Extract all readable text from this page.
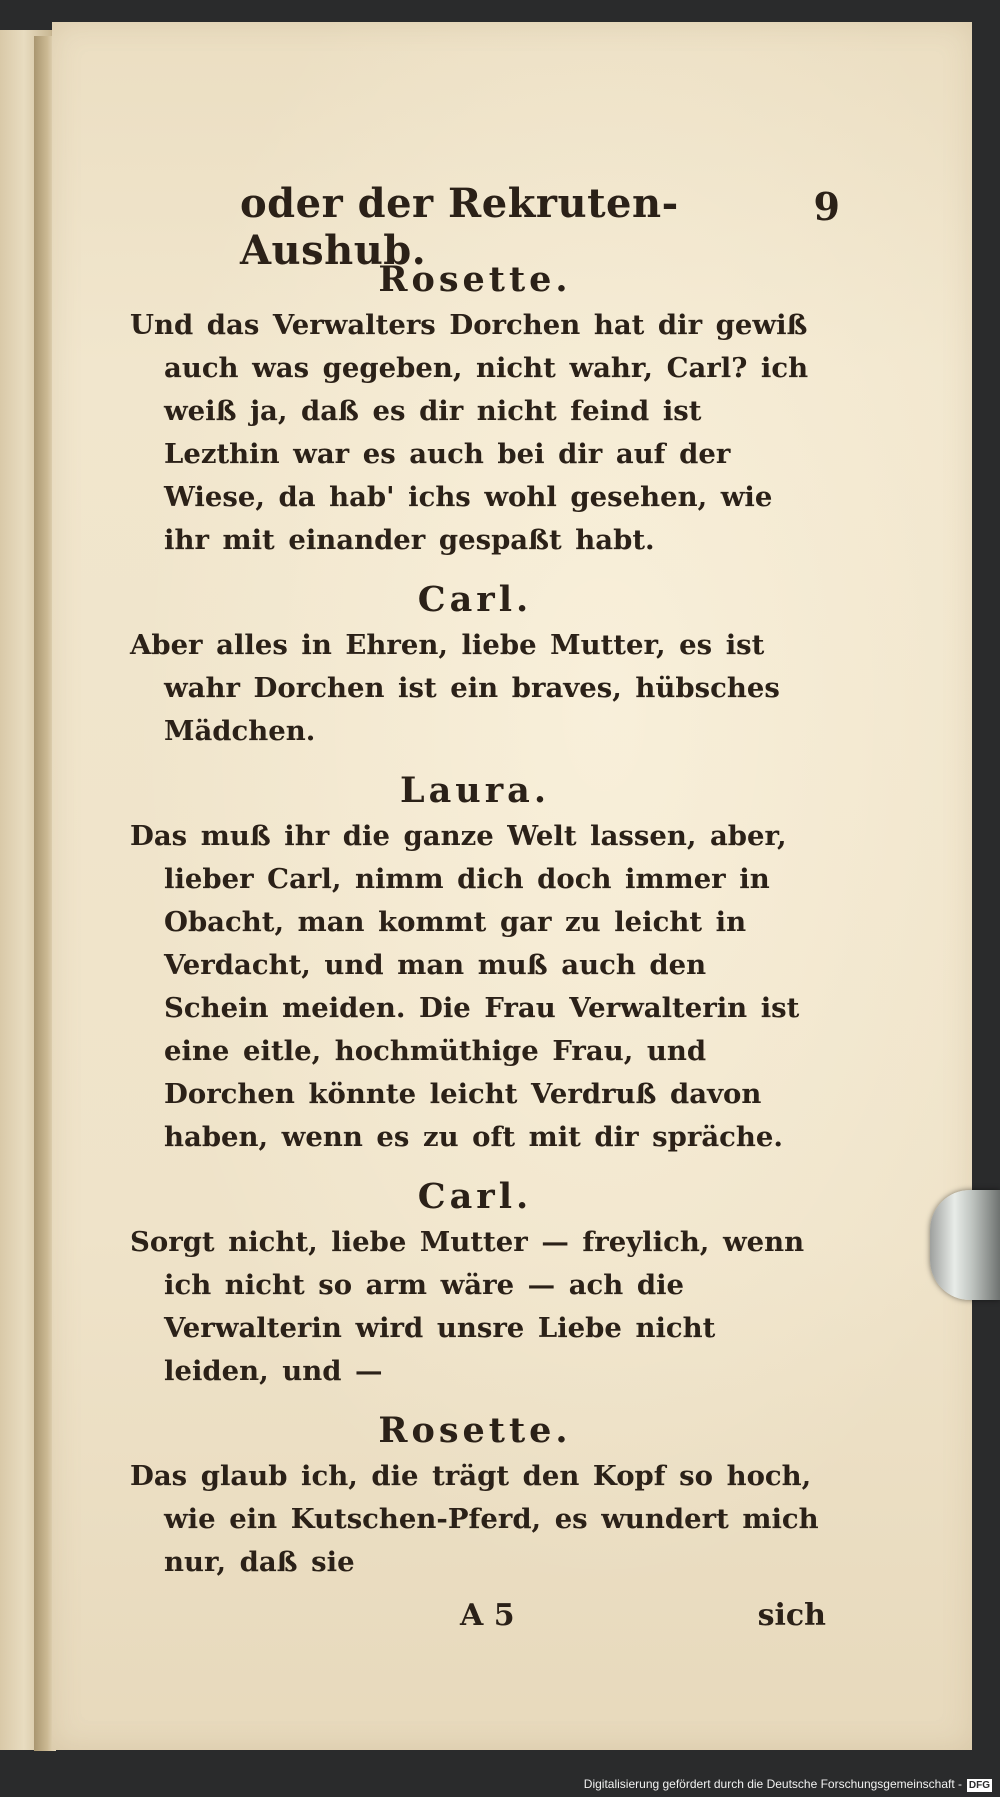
oder der Rekruten-Aushub.
9
Rosette.
Und das Verwalters Dorchen hat dir gewiß auch was gegeben, nicht wahr, Carl? ich weiß ja, daß es dir nicht feind ist Lezthin war es auch bei dir auf der Wiese, da hab' ichs wohl gesehen, wie ihr mit einander gespaßt habt.
Carl.
Aber alles in Ehren, liebe Mutter, es ist wahr Dorchen ist ein braves, hübsches Mädchen.
Laura.
Das muß ihr die ganze Welt lassen, aber, lieber Carl, nimm dich doch immer in Obacht, man kommt gar zu leicht in Verdacht, und man muß auch den Schein meiden. Die Frau Verwalterin ist eine eitle, hochmüthige Frau, und Dorchen könnte leicht Verdruß davon haben, wenn es zu oft mit dir spräche.
Carl.
Sorgt nicht, liebe Mutter — freylich, wenn ich nicht so arm wäre — ach die Verwalterin wird unsre Liebe nicht leiden, und —
Rosette.
Das glaub ich, die trägt den Kopf so hoch, wie ein Kutschen-Pferd, es wundert mich nur, daß sie
A 5	sich
Digitalisierung gefördert durch die Deutsche Forschungsgemeinschaft - DFG
